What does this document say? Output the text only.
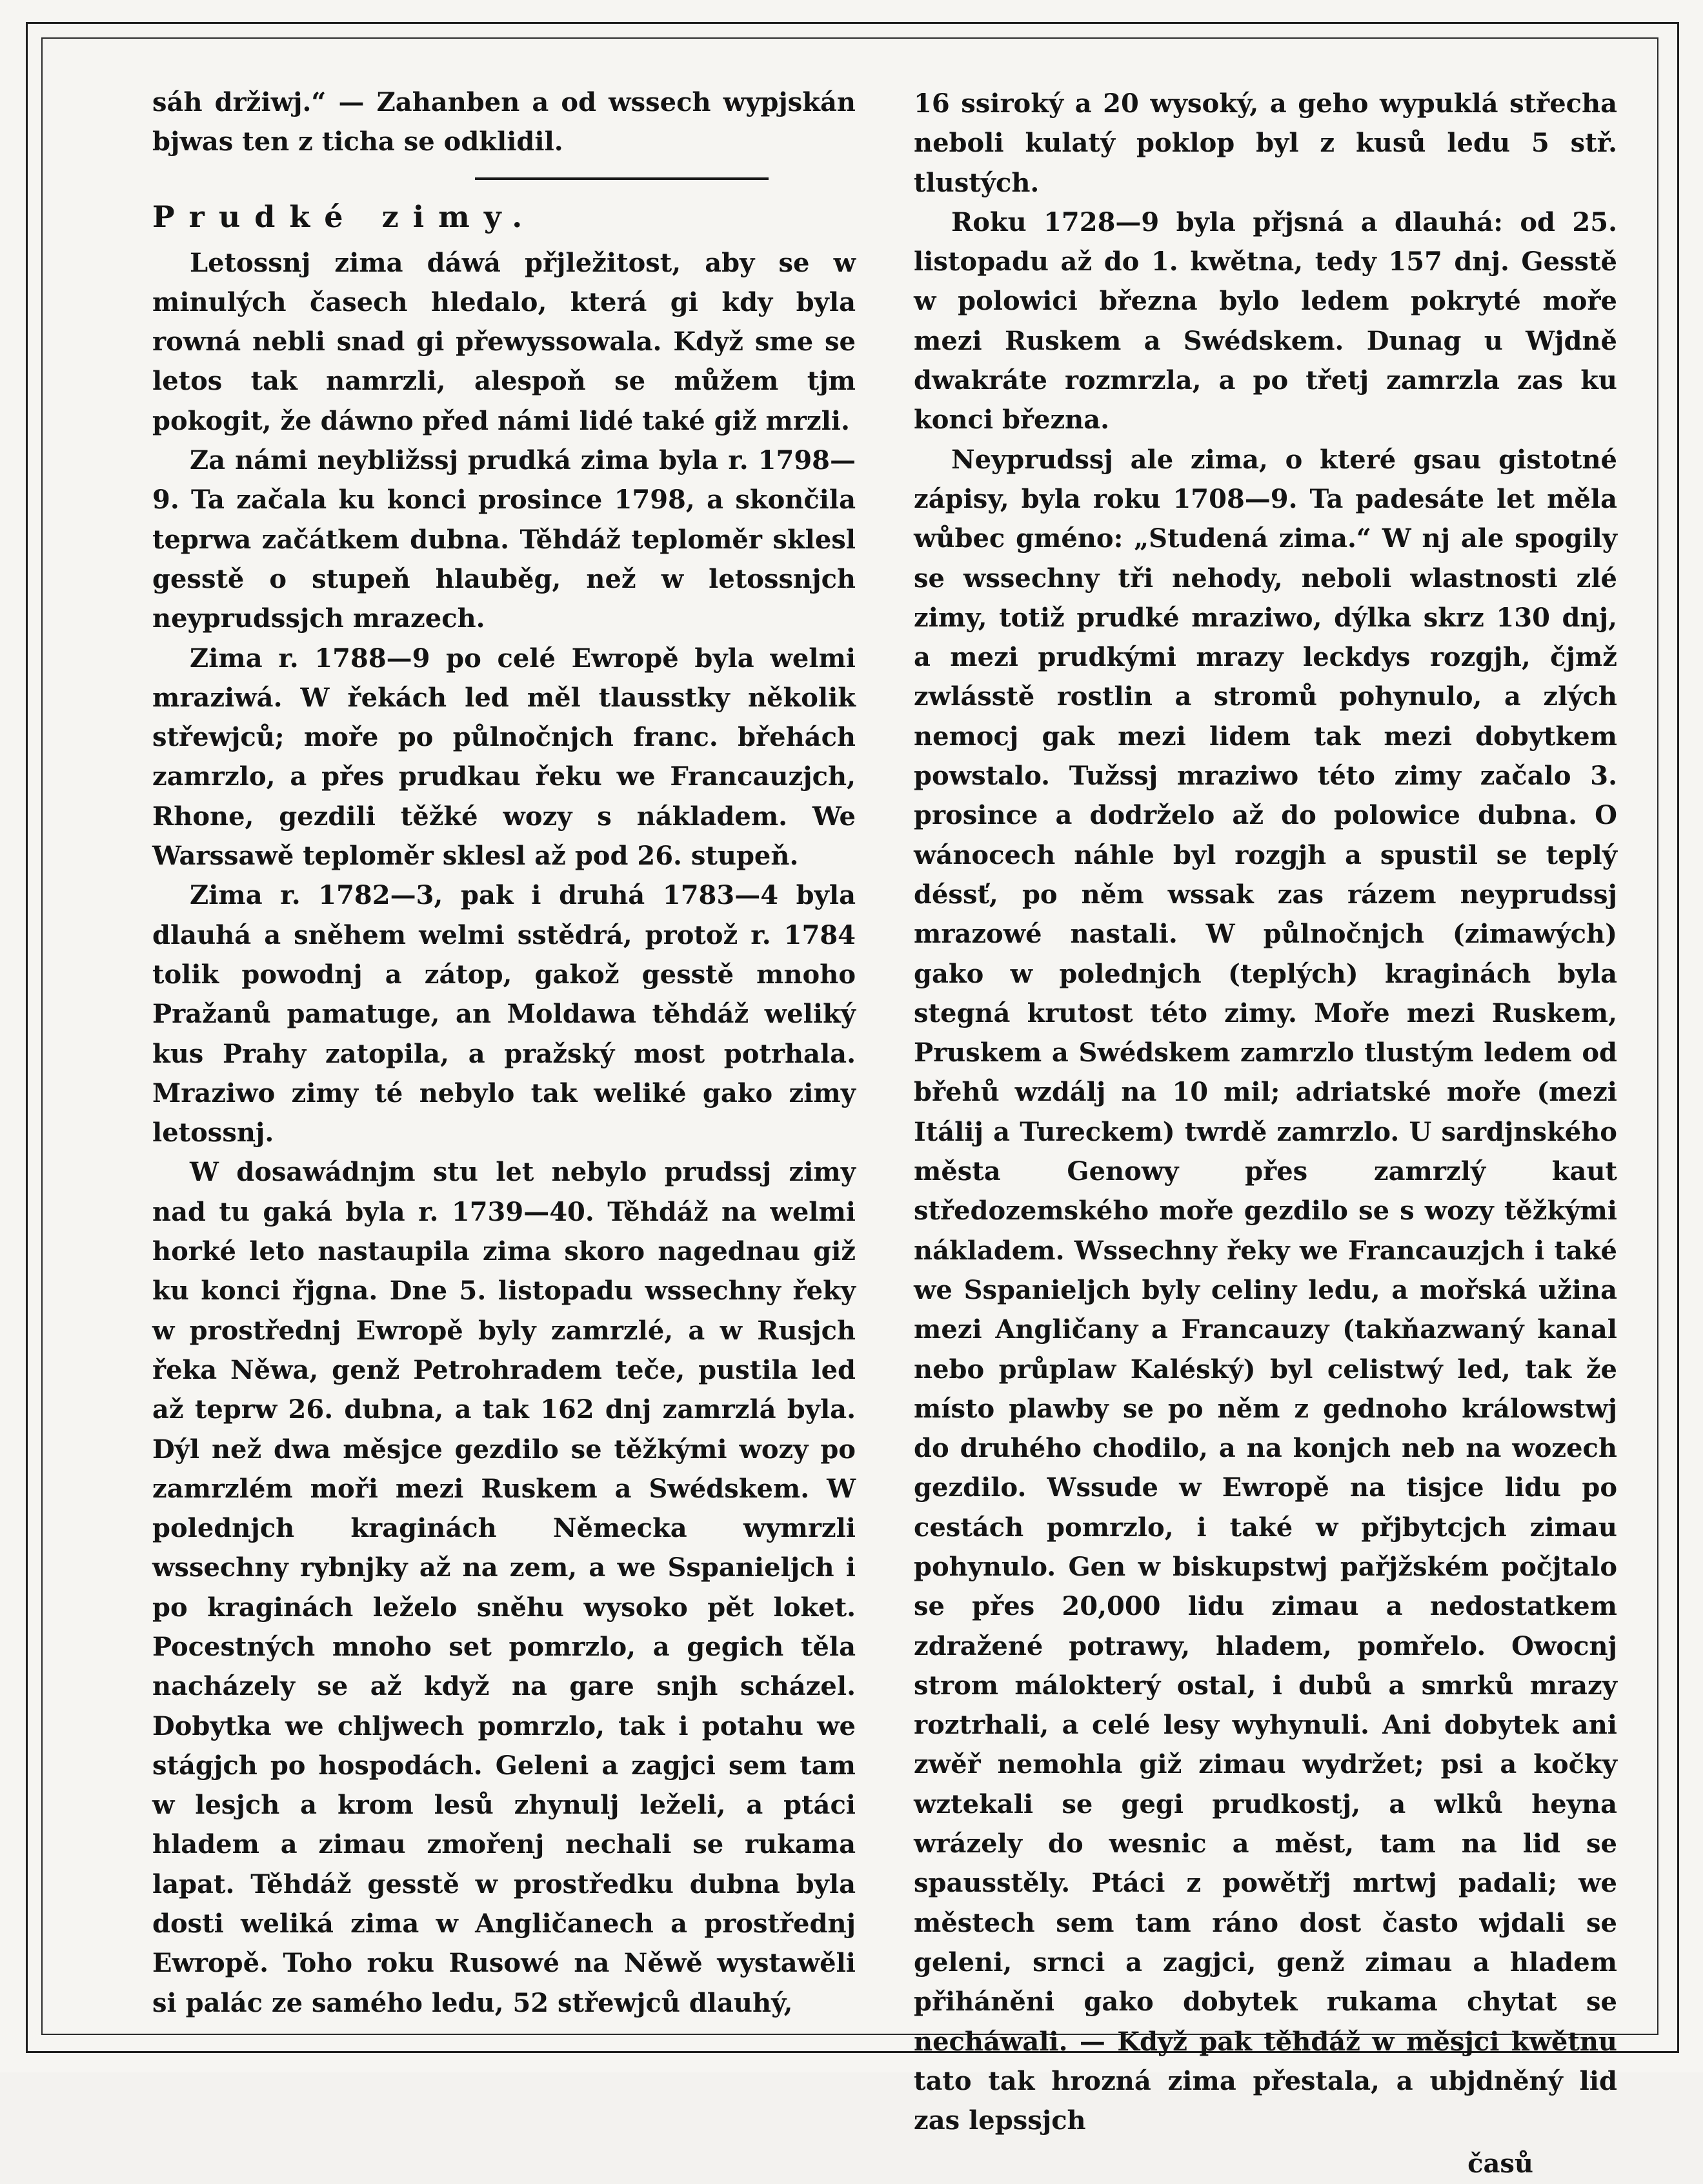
sáh držiwj.“ — Zahanben a od wssech wypjskán bjwas ten z ticha se odklidil.

Prudké zimy.

Letossnj zima dáwá přjležitost, aby se w minulých časech hledalo, která gi kdy byla rowná nebli snad gi přewyssowala. Když sme se letos tak namrzli, alespoň se můžem tjm pokogit, že dáwno před námi lidé také giž mrzli.

Za námi neybližssj prudká zima byla r. 1798—9. Ta začala ku konci prosince 1798, a skončila teprwa začátkem dubna. Těhdáž teploměr sklesl gesstě o stupeň hlauběg, než w letossnjch neyprudssjch mrazech.

Zima r. 1788—9 po celé Ewropě byla welmi mraziwá. W řekách led měl tlausstky několik střewjců; moře po půlnočnjch franc. břehách zamrzlo, a přes prudkau řeku we Francauzjch, Rhone, gezdili těžké wozy s nákladem. We Warssawě teploměr sklesl až pod 26. stupeň.

Zima r. 1782—3, pak i druhá 1783—4 byla dlauhá a sněhem welmi sstědrá, protož r. 1784 tolik powodnj a zátop, gakož gesstě mnoho Pražanů pamatuge, an Moldawa těhdáž weliký kus Prahy zatopila, a pražský most potrhala. Mraziwo zimy té nebylo tak weliké gako zimy letossnj.

W dosawádnjm stu let nebylo prudssj zimy nad tu gaká byla r. 1739—40. Těhdáž na welmi horké leto nastaupila zima skoro nagednau giž ku konci řjgna. Dne 5. listopadu wssechny řeky w prostřednj Ewropě byly zamrzlé, a w Rusjch řeka Něwa, genž Petrohradem teče, pustila led až teprw 26. dubna, a tak 162 dnj zamrzlá byla. Dýl než dwa měsjce gezdilo se těžkými wozy po zamrzlém moři mezi Ruskem a Swédskem. W polednjch kraginách Německa wymrzli wssechny rybnjky až na zem, a we Sspanieljch i po kraginách leželo sněhu wysoko pět loket. Pocestných mnoho set pomrzlo, a gegich těla nacházely se až když na gare snjh scházel. Dobytka we chljwech pomrzlo, tak i potahu we stágjch po hospodách. Geleni a zagjci sem tam w lesjch a krom lesů zhynulj leželi, a ptáci hladem a zimau zmořenj nechali se rukama lapat. Těhdáž gesstě w prostředku dubna byla dosti weliká zima w Angličanech a prostřednj Ewropě. Toho roku Rusowé na Něwě wystawěli si palác ze samého ledu, 52 střewjců dlauhý,

16 ssiroký a 20 wysoký, a geho wypuklá střecha neboli kulatý poklop byl z kusů ledu 5 stř. tlustých.

Roku 1728—9 byla přjsná a dlauhá: od 25. listopadu až do 1. kwětna, tedy 157 dnj. Gesstě w polowici března bylo ledem pokryté moře mezi Ruskem a Swédskem. Dunag u Wjdně dwakráte rozmrzla, a po třetj zamrzla zas ku konci března.

Neyprudssj ale zima, o které gsau gistotné zápisy, byla roku 1708—9. Ta padesáte let měla wůbec gméno: „Studená zima.“ W nj ale spogily se wssechny tři nehody, neboli wlastnosti zlé zimy, totiž prudké mraziwo, dýlka skrz 130 dnj, a mezi prudkými mrazy leckdys rozgjh, čjmž zwlásstě rostlin a stromů pohynulo, a zlých nemocj gak mezi lidem tak mezi dobytkem powstalo. Tužssj mraziwo této zimy začalo 3. prosince a dodrželo až do polowice dubna. O wánocech náhle byl rozgjh a spustil se teplý déssť, po něm wssak zas rázem neyprudssj mrazowé nastali. W půlnočnjch (zimawých) gako w polednjch (teplých) kraginách byla stegná krutost této zimy. Moře mezi Ruskem, Pruskem a Swédskem zamrzlo tlustým ledem od břehů wzdálj na 10 mil; adriatské moře (mezi Itálij a Tureckem) twrdě zamrzlo. U sardjnského města Genowy přes zamrzlý kaut středozemského moře gezdilo se s wozy těžkými nákladem. Wssechny řeky we Francauzjch i také we Sspanieljch byly celiny ledu, a mořská užina mezi Angličany a Francauzy (takňazwaný kanal nebo průplaw Kaléský) byl celistwý led, tak že místo plawby se po něm z gednoho králowstwj do druhého chodilo, a na konjch neb na wozech gezdilo. Wssude w Ewropě na tisjce lidu po cestách pomrzlo, i také w přjbytcjch zimau pohynulo. Gen w biskupstwj pařjžském počjtalo se přes 20,000 lidu zimau a nedostatkem zdražené potrawy, hladem, pomřelo. Owocnj strom málokterý ostal, i dubů a smrků mrazy roztrhali, a celé lesy wyhynuli. Ani dobytek ani zwěř nemohla giž zimau wydržet; psi a kočky wztekali se gegi prudkostj, a wlků heyna wrázely do wesnic a měst, tam na lid se spausstěly. Ptáci z powětřj mrtwj padali; we městech sem tam ráno dost často wjdali se geleni, srnci a zagjci, genž zimau a hladem přiháněni gako dobytek rukama chytat se necháwali. — Když pak těhdáž w měsjci kwětnu tato tak hrozná zima přestala, a ubjdněný lid zas lepssjch

časů
